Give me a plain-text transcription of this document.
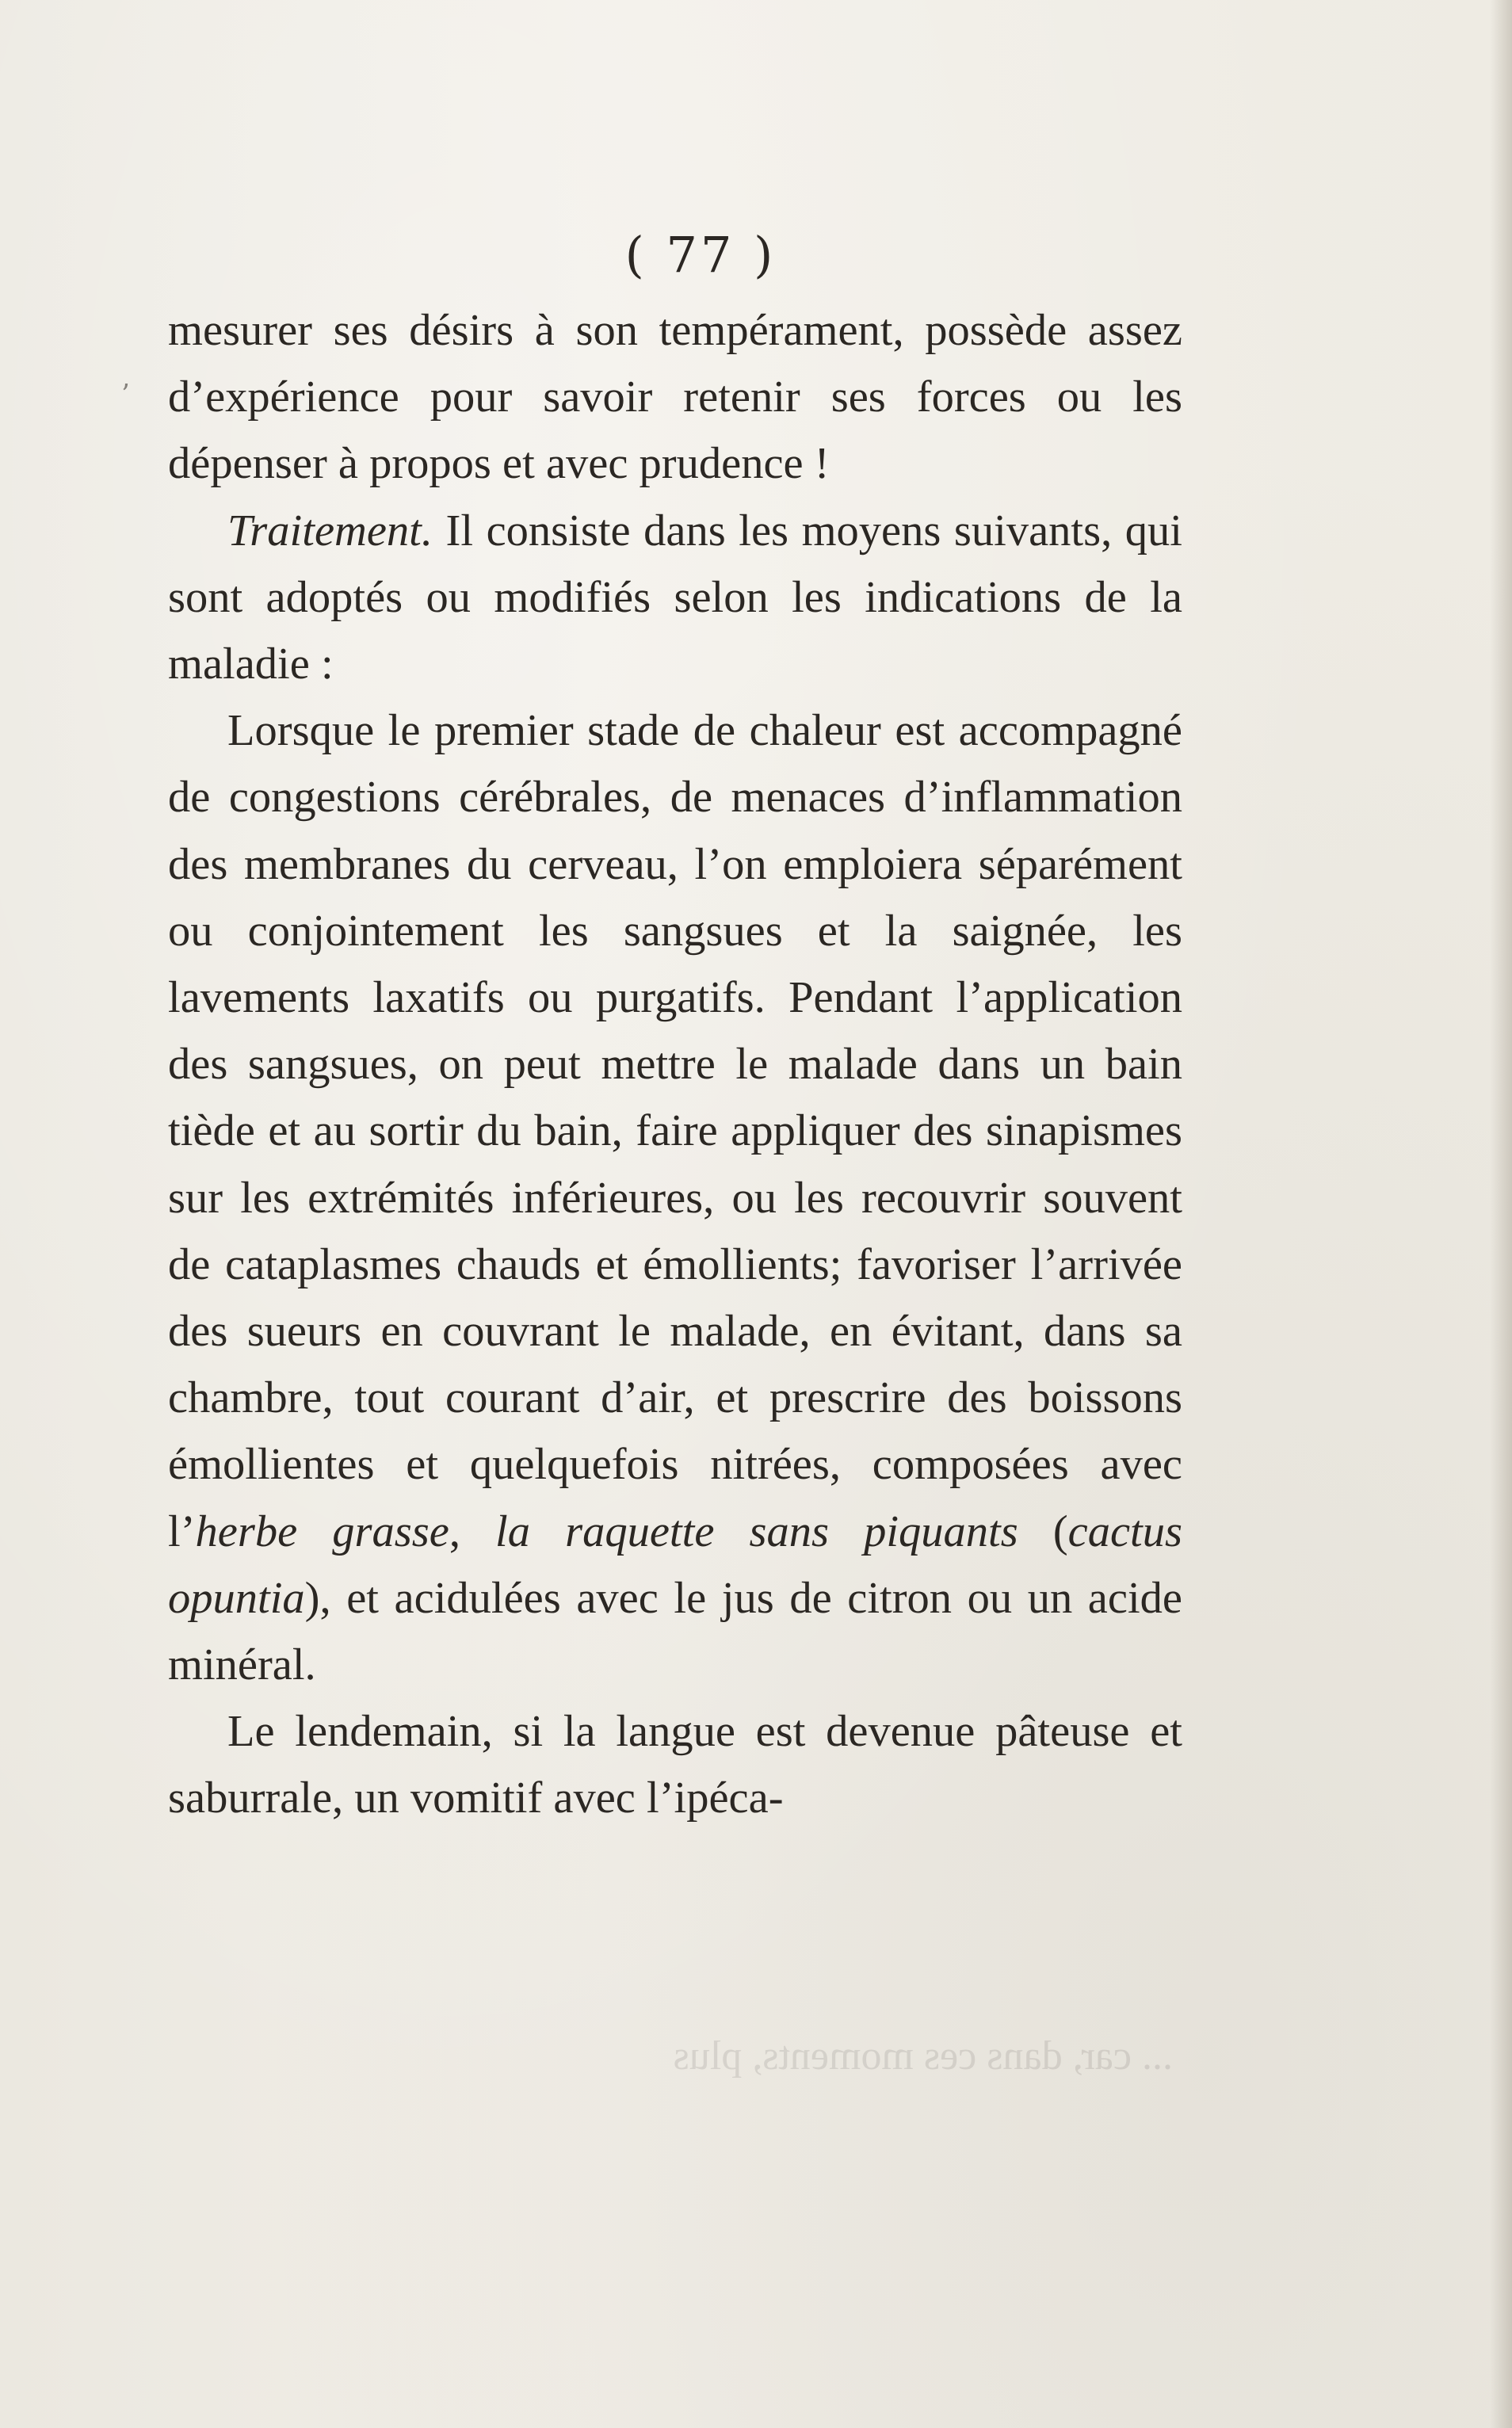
( 77 )

mesurer ses désirs à son tempérament, possède assez d’expérience pour savoir retenir ses forces ou les dépenser à propos et avec prudence !

Traitement. Il consiste dans les moyens suivants, qui sont adoptés ou modifiés selon les indications de la maladie :

Lorsque le premier stade de chaleur est accompagné de congestions cérébrales, de menaces d’inflammation des membranes du cerveau, l’on emploiera séparément ou conjointement les sangsues et la saignée, les lavements laxatifs ou purgatifs. Pendant l’application des sangsues, on peut mettre le malade dans un bain tiède et au sortir du bain, faire appliquer des sinapismes sur les extrémités inférieures, ou les recouvrir souvent de cataplasmes chauds et émollients; favoriser l’arrivée des sueurs en couvrant le malade, en évitant, dans sa chambre, tout courant d’air, et prescrire des boissons émollientes et quelquefois nitrées, composées avec l’herbe grasse, la raquette sans piquants (cactus opuntia), et acidulées avec le jus de citron ou un acide minéral.

Le lendemain, si la langue est devenue pâteuse et saburrale, un vomitif avec l’ipéca-

... car, dans ces moments, plus
ʼ
